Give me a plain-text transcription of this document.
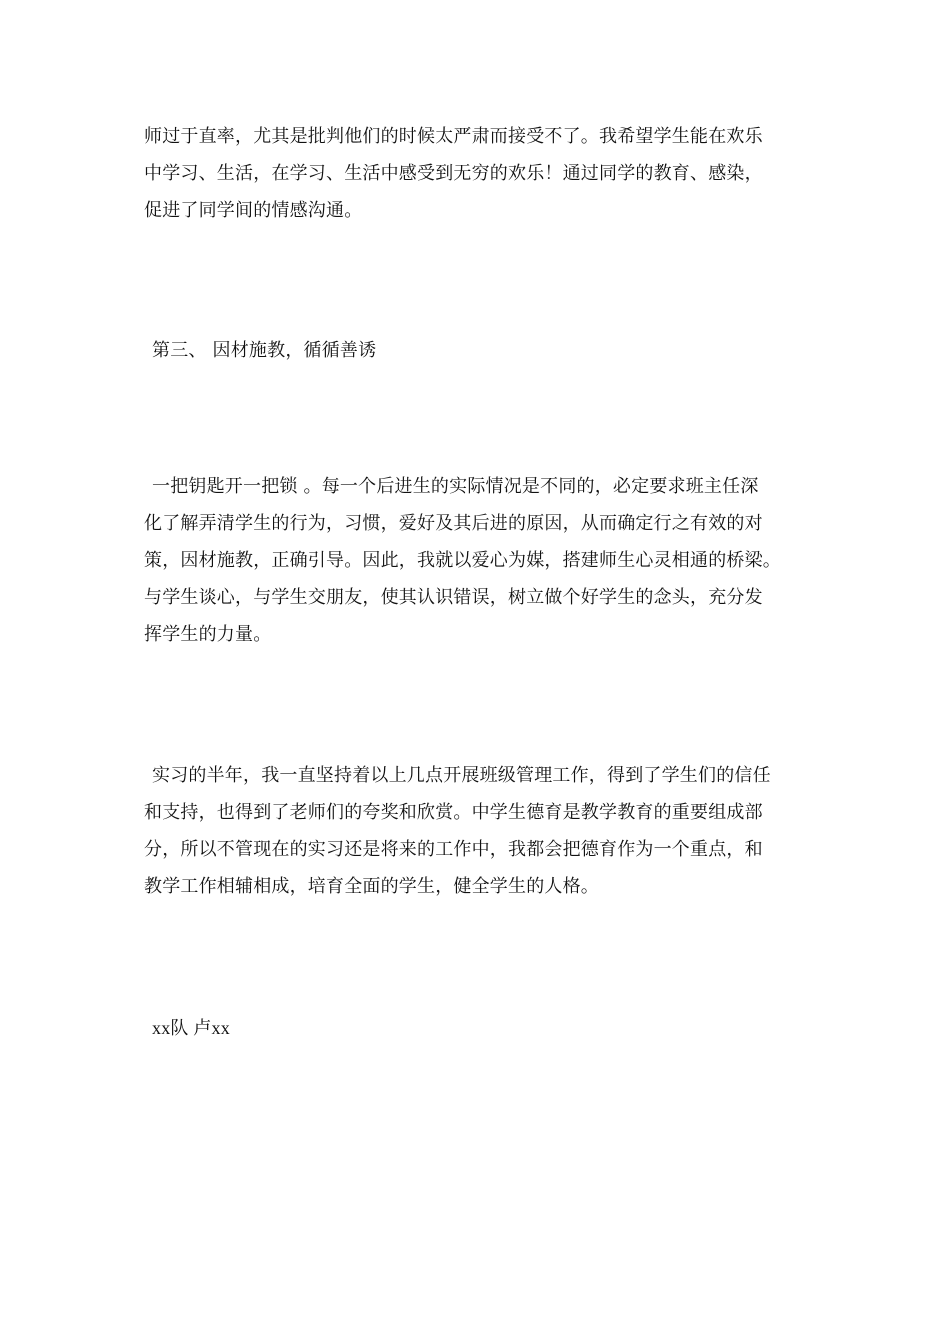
师过于直率，尤其是批判他们的时候太严肃而接受不了。我希望学生能在欢乐
中学习、生活，在学习、生活中感受到无穷的欢乐！通过同学的教育、感染，
促进了同学间的情感沟通。
第三、 因材施教，循循善诱
一把钥匙开一把锁 。每一个后进生的实际情况是不同的，必定要求班主任深
化了解弄清学生的行为，习惯，爱好及其后进的原因，从而确定行之有效的对
策，因材施教，正确引导。因此，我就以爱心为媒，搭建师生心灵相通的桥梁。
与学生谈心，与学生交朋友，使其认识错误，树立做个好学生的念头，充分发
挥学生的力量。
实习的半年，我一直坚持着以上几点开展班级管理工作，得到了学生们的信任
和支持，也得到了老师们的夸奖和欣赏。中学生德育是教学教育的重要组成部
分，所以不管现在的实习还是将来的工作中，我都会把德育作为一个重点，和
教学工作相辅相成，培育全面的学生，健全学生的人格。
xx队 卢xx
